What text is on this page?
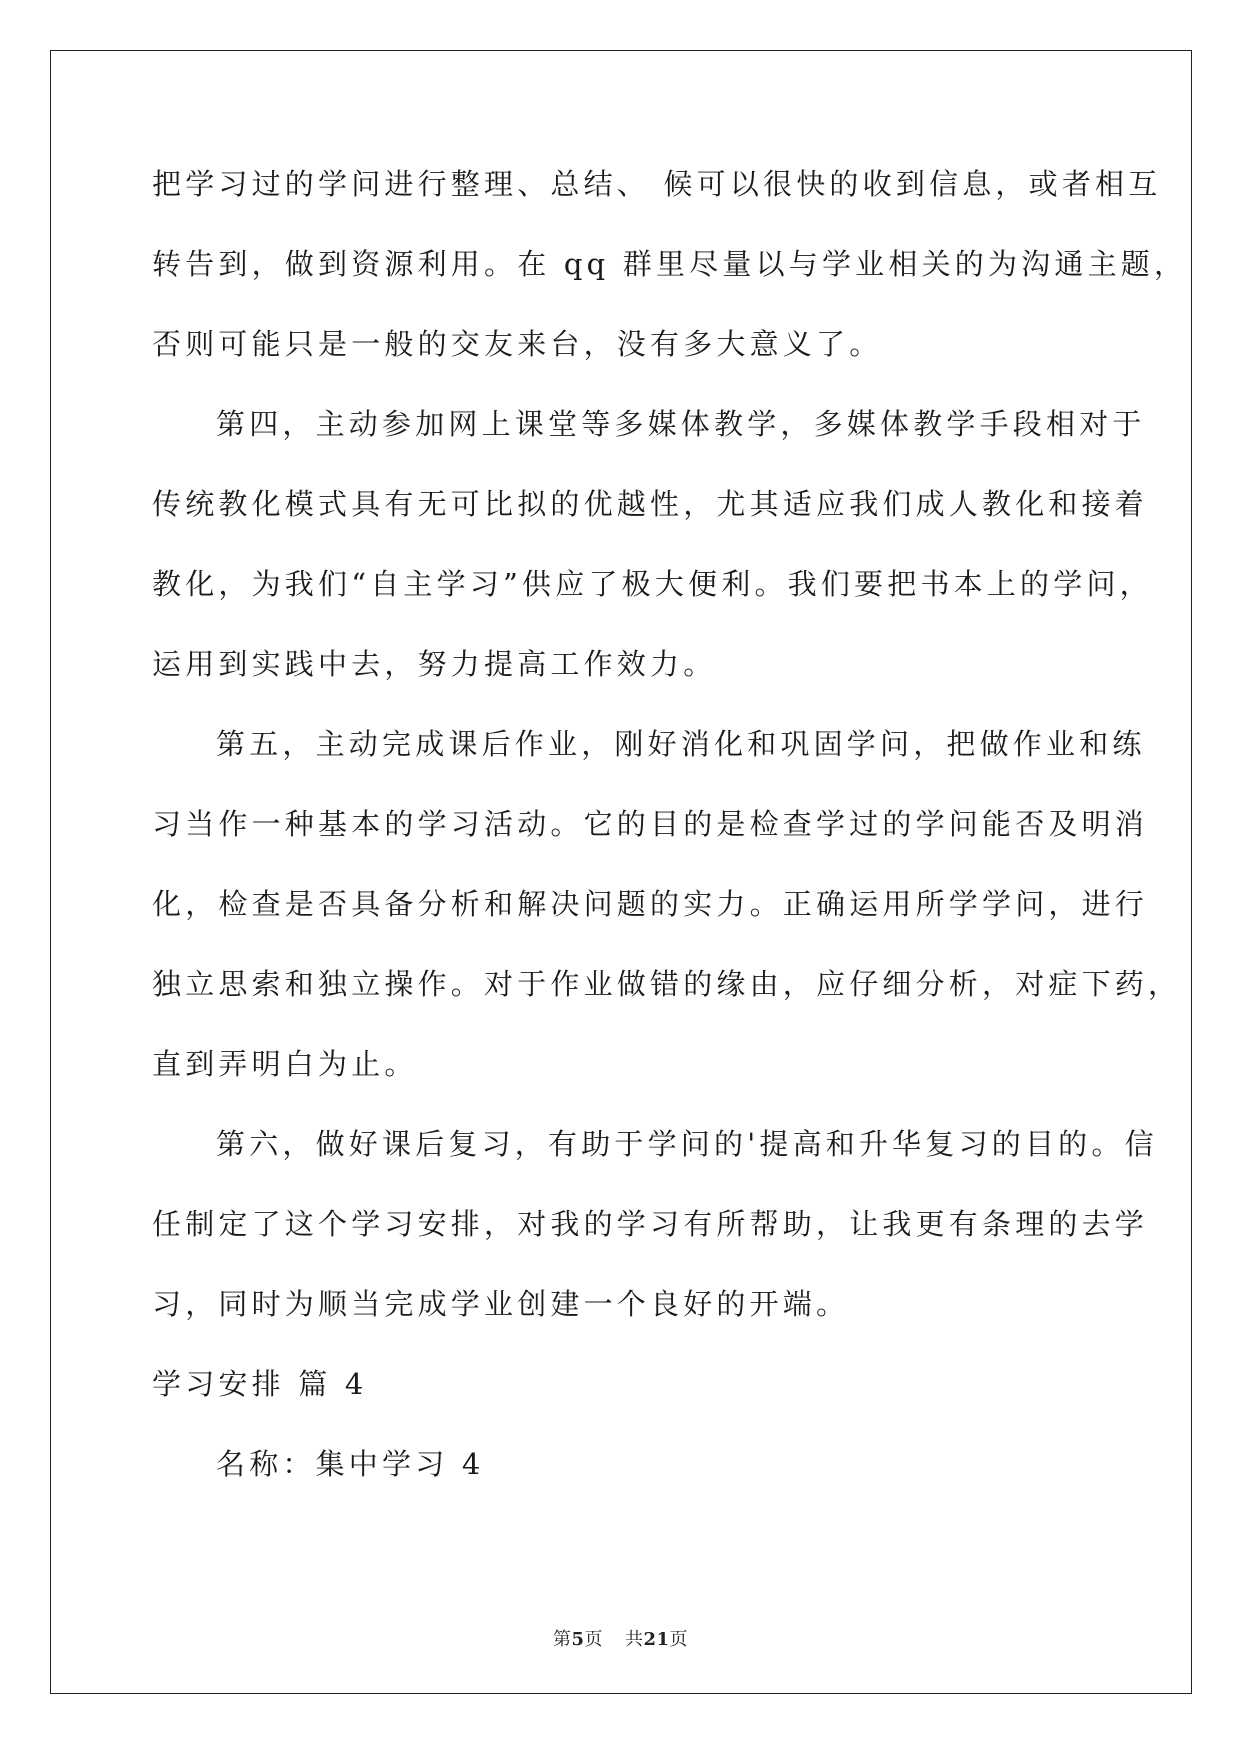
把学习过的学问进行整理、总结、 候可以很快的收到信息，或者相互
转告到，做到资源利用。在 qq 群里尽量以与学业相关的为沟通主题，
否则可能只是一般的交友来台，没有多大意义了。
第四，主动参加网上课堂等多媒体教学，多媒体教学手段相对于
传统教化模式具有无可比拟的优越性，尤其适应我们成人教化和接着
教化，为我们“自主学习”供应了极大便利。我们要把书本上的学问，
运用到实践中去，努力提高工作效力。
第五，主动完成课后作业，刚好消化和巩固学问，把做作业和练
习当作一种基本的学习活动。它的目的是检查学过的学问能否及明消
化，检查是否具备分析和解决问题的实力。正确运用所学学问，进行
独立思索和独立操作。对于作业做错的缘由，应仔细分析，对症下药，
直到弄明白为止。
第六，做好课后复习，有助于学问的'提高和升华复习的目的。信
任制定了这个学习安排，对我的学习有所帮助，让我更有条理的去学
习，同时为顺当完成学业创建一个良好的开端。
学习安排 篇 4
名称：集中学习 4
第5页 共21页
